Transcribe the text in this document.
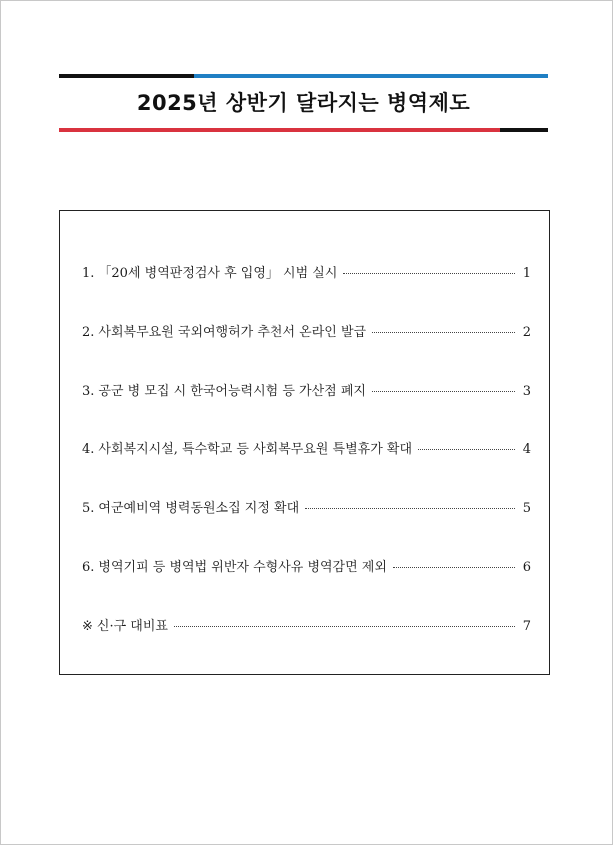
2025년 상반기 달라지는 병역제도
1. 「20세 병역판정검사 후 입영」 시범 실시	1
2. 사회복무요원 국외여행허가 추천서 온라인 발급	2
3. 공군 병 모집 시 한국어능력시험 등 가산점 폐지	3
4. 사회복지시설, 특수학교 등 사회복무요원 특별휴가 확대	4
5. 여군예비역 병력동원소집 지정 확대	5
6. 병역기피 등 병역법 위반자 수형사유 병역감면 제외	6
※ 신·구 대비표	7
